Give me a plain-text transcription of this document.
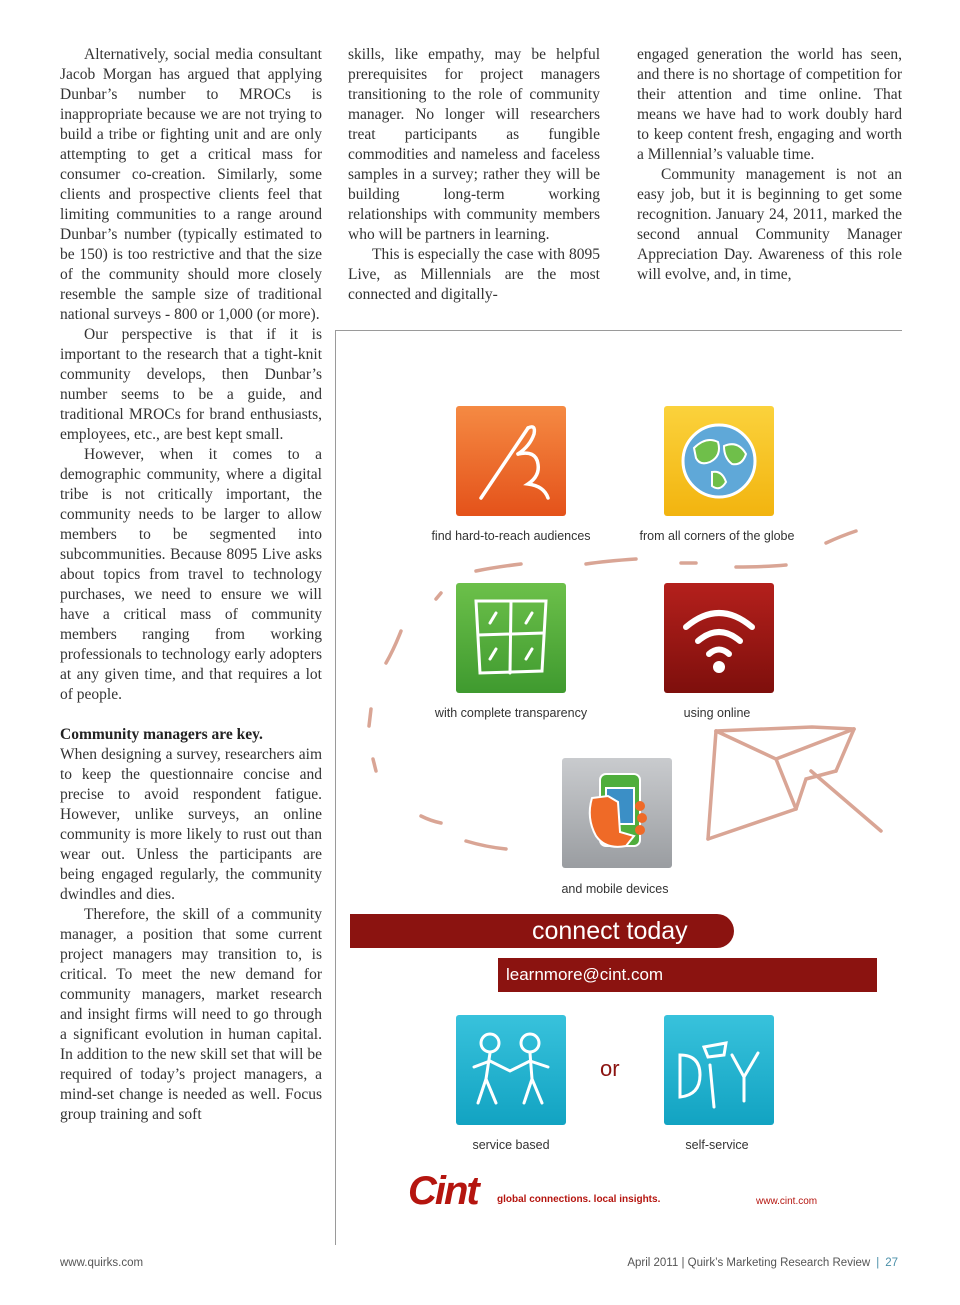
Alternatively, social media consultant Jacob Morgan has argued that applying Dunbar’s number to MROCs is inappropriate because we are not trying to build a tribe or fighting unit and are only attempting to get a critical mass for consumer co-creation. Similarly, some clients and prospective clients feel that limiting communities to a range around Dunbar’s number (typically estimated to be 150) is too restrictive and that the size of the community should more closely resemble the sample size of traditional national surveys - 800 or 1,000 (or more).

Our perspective is that if it is important to the research that a tight-knit community develops, then Dunbar’s number seems to be a guide, and traditional MROCs for brand enthusiasts, employees, etc., are best kept small.

However, when it comes to a demographic community, where a digital tribe is not critically important, the community needs to be larger to allow members to be segmented into subcommunities. Because 8095 Live asks about topics from travel to technology purchases, we need to ensure we will have a critical mass of community members ranging from working professionals to technology early adopters at any given time, and that requires a lot of people.

Community managers are key.

When designing a survey, researchers aim to keep the questionnaire concise and precise to avoid respondent fatigue. However, unlike surveys, an online community is more likely to rust out than wear out. Unless the participants are being engaged regularly, the community dwindles and dies.

Therefore, the skill of a community manager, a position that some current project managers may transition to, is critical. To meet the new demand for community managers, market research and insight firms will need to go through a significant evolution in human capital. In addition to the new skill set that will be required of today’s project managers, a mind-set change is needed as well. Focus group training and soft

skills, like empathy, may be helpful prerequisites for project managers transitioning to the role of community manager. No longer will researchers treat participants as fungible commodities and nameless and faceless samples in a survey; rather they will be building long-term working relationships with community members who will be partners in learning.

This is especially the case with 8095 Live, as Millennials are the most connected and digitally-

engaged generation the world has seen, and there is no shortage of competition for their attention and time online. That means we have had to work doubly hard to keep content fresh, engaging and worth a Millennial’s valuable time.

Community management is not an easy job, but it is beginning to get some recognition. January 24, 2011, marked the second annual Community Manager Appreciation Day. Awareness of this role will evolve, and, in time,

find hard-to-reach audiences	from all corners of the globe
with complete transparency	using online
and mobile devices
connect today
learnmore@cint.com
service based
or
self-service
Cint global connections. local insights.	www.cint.com
www.quirks.com	April 2011 | Quirk’s Marketing Research Review | 27
